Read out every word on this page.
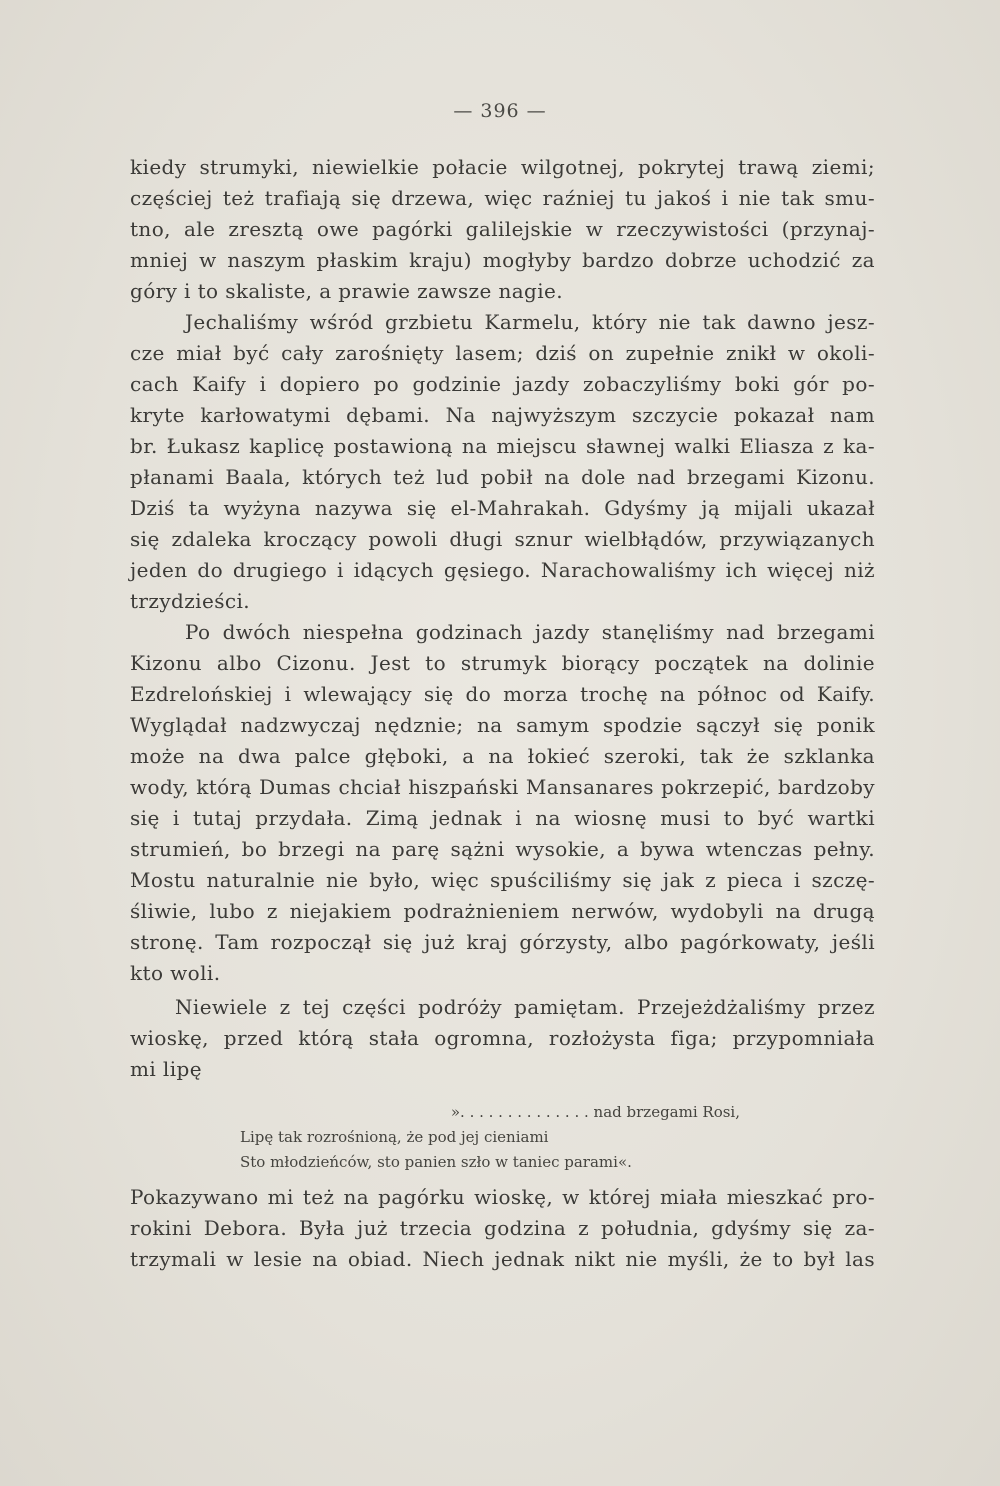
— 396 —
kiedy strumyki, niewielkie połacie wilgotnej, pokrytej trawą ziemi;
częściej też trafiają się drzewa, więc raźniej tu jakoś i nie tak smu-
tno, ale zresztą owe pagórki galilejskie w rzeczywistości (przynaj-
mniej w naszym płaskim kraju) mogłyby bardzo dobrze uchodzić za
góry i to skaliste, a prawie zawsze nagie.
Jechaliśmy wśród grzbietu Karmelu, który nie tak dawno jesz-
cze miał być cały zarośnięty lasem; dziś on zupełnie znikł w okoli-
cach Kaify i dopiero po godzinie jazdy zobaczyliśmy boki gór po-
kryte karłowatymi dębami. Na najwyższym szczycie pokazał nam
br. Łukasz kaplicę postawioną na miejscu sławnej walki Eliasza z ka-
płanami Baala, których też lud pobił na dole nad brzegami Kizonu.
Dziś ta wyżyna nazywa się el-Mahrakah. Gdyśmy ją mijali ukazał
się zdaleka kroczący powoli długi sznur wielbłądów, przywiązanych
jeden do drugiego i idących gęsiego. Narachowaliśmy ich więcej niż
trzydzieści.
Po dwóch niespełna godzinach jazdy stanęliśmy nad brzegami
Kizonu albo Cizonu. Jest to strumyk biorący początek na dolinie
Ezdrelońskiej i wlewający się do morza trochę na północ od Kaify.
Wyglądał nadzwyczaj nędznie; na samym spodzie sączył się ponik
może na dwa palce głęboki, a na łokieć szeroki, tak że szklanka
wody, którą Dumas chciał hiszpański Mansanares pokrzepić, bardzoby
się i tutaj przydała. Zimą jednak i na wiosnę musi to być wartki
strumień, bo brzegi na parę sążni wysokie, a bywa wtenczas pełny.
Mostu naturalnie nie było, więc spuściliśmy się jak z pieca i szczę-
śliwie, lubo z niejakiem podrażnieniem nerwów, wydobyli na drugą
stronę. Tam rozpoczął się już kraj górzysty, albo pagórkowaty, jeśli
kto woli.
Niewiele z tej części podróży pamiętam. Przejeżdżaliśmy przez
wioskę, przed którą stała ogromna, rozłożysta figa; przypomniała
mi lipę
». . . . . . . . . . . . . . nad brzegami Rosi,
Lipę tak rozrośnioną, że pod jej cieniami
Sto młodzieńców, sto panien szło w taniec parami«.
Pokazywano mi też na pagórku wioskę, w której miała mieszkać pro-
rokini Debora. Była już trzecia godzina z południa, gdyśmy się za-
trzymali w lesie na obiad. Niech jednak nikt nie myśli, że to był las
